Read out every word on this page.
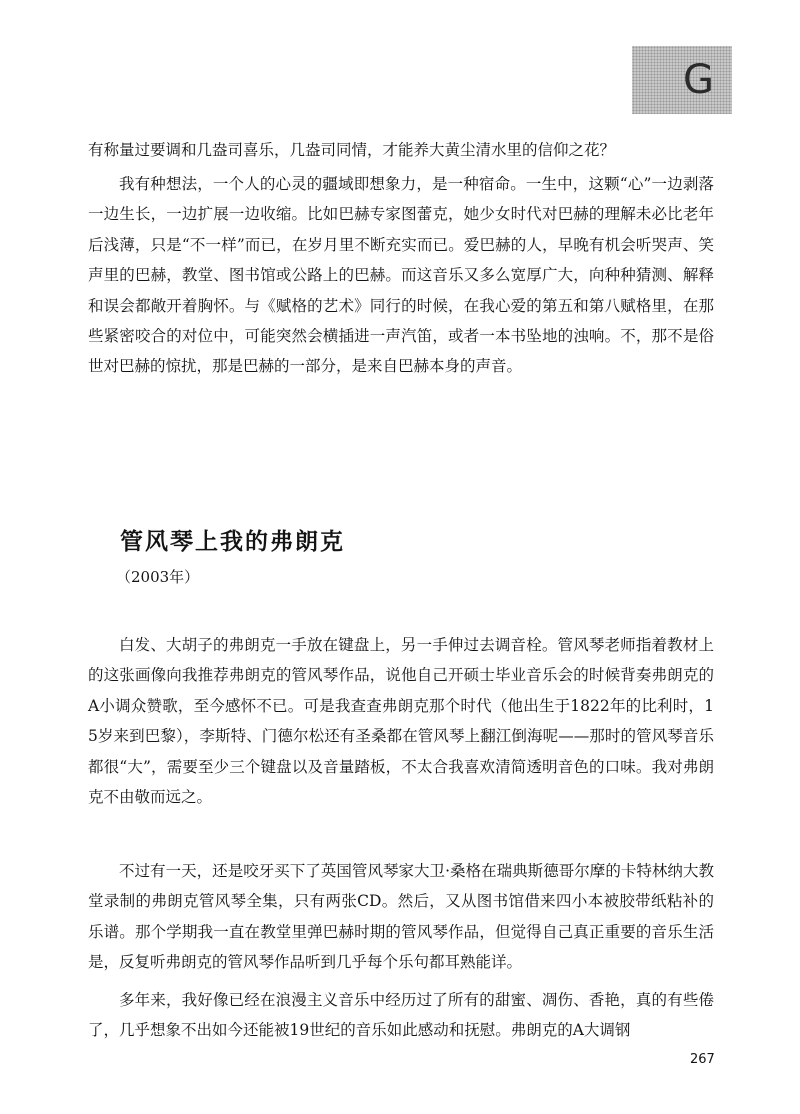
G

有称量过要调和几盎司喜乐，几盎司同情，才能养大黄尘清水里的信仰之花？

我有种想法，一个人的心灵的疆域即想象力，是一种宿命。一生中，这颗“心”一边剥落一边生长，一边扩展一边收缩。比如巴赫专家图蕾克，她少女时代对巴赫的理解未必比老年后浅薄，只是“不一样”而已，在岁月里不断充实而已。爱巴赫的人，早晚有机会听哭声、笑声里的巴赫，教堂、图书馆或公路上的巴赫。而这音乐又多么宽厚广大，向种种猜测、解释和误会都敞开着胸怀。与《赋格的艺术》同行的时候，在我心爱的第五和第八赋格里，在那些紧密咬合的对位中，可能突然会横插进一声汽笛，或者一本书坠地的浊响。不，那不是俗世对巴赫的惊扰，那是巴赫的一部分，是来自巴赫本身的声音。

管风琴上我的弗朗克
（2003年）

白发、大胡子的弗朗克一手放在键盘上，另一手伸过去调音栓。管风琴老师指着教材上的这张画像向我推荐弗朗克的管风琴作品，说他自己开硕士毕业音乐会的时候背奏弗朗克的A小调众赞歌，至今感怀不已。可是我查查弗朗克那个时代（他出生于1822年的比利时，15岁来到巴黎），李斯特、门德尔松还有圣桑都在管风琴上翻江倒海呢——那时的管风琴音乐都很“大”，需要至少三个键盘以及音量踏板，不太合我喜欢清简透明音色的口味。我对弗朗克不由敬而远之。

不过有一天，还是咬牙买下了英国管风琴家大卫·桑格在瑞典斯德哥尔摩的卡特林纳大教堂录制的弗朗克管风琴全集，只有两张CD。然后，又从图书馆借来四小本被胶带纸粘补的乐谱。那个学期我一直在教堂里弹巴赫时期的管风琴作品，但觉得自己真正重要的音乐生活是，反复听弗朗克的管风琴作品听到几乎每个乐句都耳熟能详。

多年来，我好像已经在浪漫主义音乐中经历过了所有的甜蜜、凋伤、香艳，真的有些倦了，几乎想象不出如今还能被19世纪的音乐如此感动和抚慰。弗朗克的A大调钢

267
